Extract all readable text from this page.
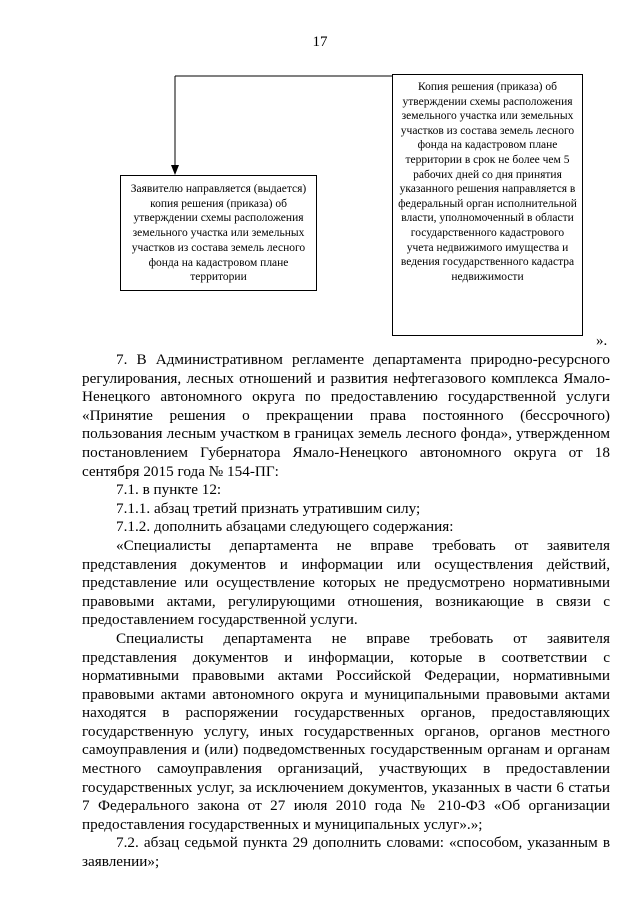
17
Заявителю направляется (выдается) копия решения (приказа) об утверждении схемы расположения земельного участка или земельных участков из состава земель лесного фонда на кадастровом плане территории
Копия решения (приказа) об утверждении схемы расположения земельного участка или земельных участков из состава земель лесного фонда на кадастровом плане территории в срок не более чем 5 рабочих дней со дня принятия указанного решения направляется в федеральный орган исполнительной власти, уполномоченный в области государственного кадастрового учета недвижимого имущества и ведения государственного кадастра недвижимости
».

7. В Административном регламенте департамента природно-ресурсного регулирования, лесных отношений и развития нефтегазового комплекса Ямало-Ненецкого автономного округа по предоставлению государственной услуги «Принятие решения о прекращении права постоянного (бессрочного) пользования лесным участком в границах земель лесного фонда», утвержденном постановлением Губернатора Ямало-Ненецкого автономного округа от 18 сентября 2015 года № 154-ПГ:

7.1. в пункте 12:

7.1.1. абзац третий признать утратившим силу;

7.1.2. дополнить абзацами следующего содержания:

«Специалисты департамента не вправе требовать от заявителя представления документов и информации или осуществления действий, представление или осуществление которых не предусмотрено нормативными правовыми актами, регулирующими отношения, возникающие в связи с предоставлением государственной услуги.

Специалисты департамента не вправе требовать от заявителя представления документов и информации, которые в соответствии с нормативными правовыми актами Российской Федерации, нормативными правовыми актами автономного округа и муниципальными правовыми актами находятся в распоряжении государственных органов, предоставляющих государственную услугу, иных государственных органов, органов местного самоуправления и (или) подведомственных государственным органам и органам местного самоуправления организаций, участвующих в предоставлении государственных услуг, за исключением документов, указанных в части 6 статьи 7 Федерального закона от 27 июля 2010 года № 210-ФЗ «Об организации предоставления государственных и муниципальных услуг».»;

7.2. абзац седьмой пункта 29 дополнить словами: «способом, указанным в заявлении»;
